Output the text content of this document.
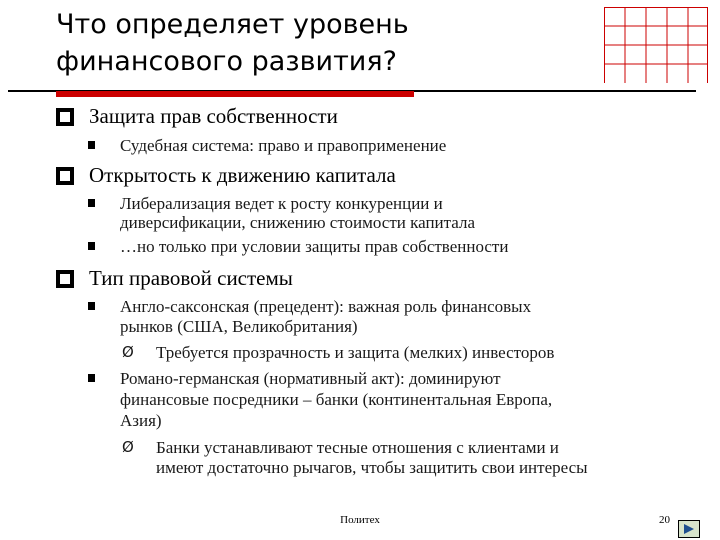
Что определяет уровень
финансового развития?
Защита прав собственности
Судебная система: право и правоприменение
Открытость к движению капитала
Либерализация ведет к росту конкуренции и
диверсификации, снижению стоимости капитала
…но только при условии защиты прав собственности
Тип правовой системы
Англо-саксонская (прецедент): важная роль финансовых
рынков (США, Великобритания)
Ø Требуется прозрачность и защита (мелких) инвесторов
Романо-германская (нормативный акт): доминируют
финансовые посредники – банки (континентальная Европа,
Азия)
Ø Банки устанавливают тесные отношения с клиентами и
имеют достаточно рычагов, чтобы защитить свои интересы
Политех	20
